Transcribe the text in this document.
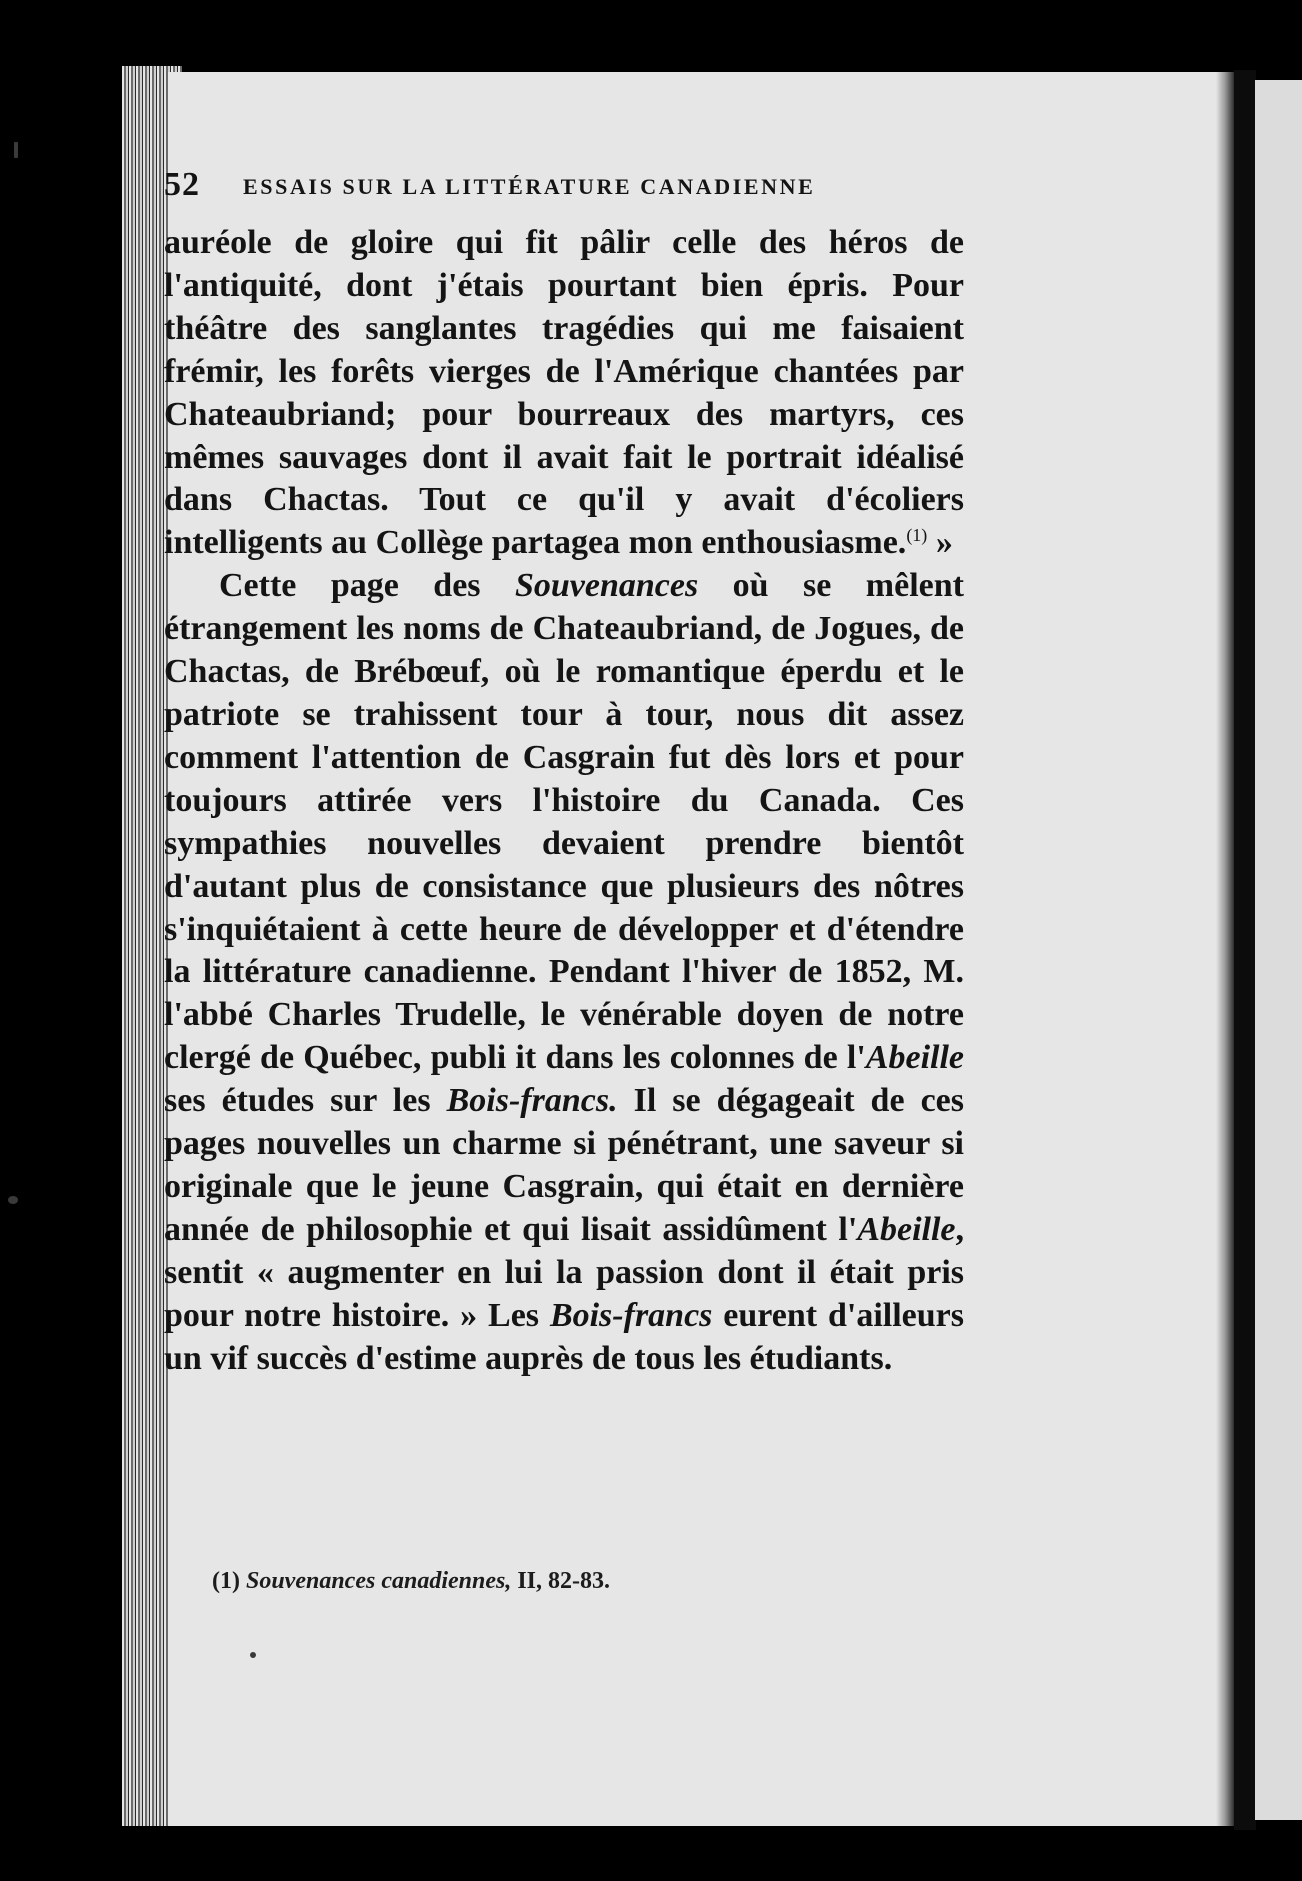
52 ESSAIS SUR LA LITTÉRATURE CANADIENNE

auréole de gloire qui fit pâlir celle des héros de l'antiquité, dont j'étais pourtant bien épris. Pour théâtre des sanglantes tragédies qui me faisaient frémir, les forêts vierges de l'Amérique chantées par Chateaubriand; pour bourreaux des martyrs, ces mêmes sauvages dont il avait fait le portrait idéalisé dans Chactas. Tout ce qu'il y avait d'écoliers intelligents au Collège partagea mon enthousiasme.$^{(1)}$ »

Cette page des Souvenances où se mêlent étrangement les noms de Chateaubriand, de Jogues, de Chactas, de Brébœuf, où le romantique éperdu et le patriote se trahissent tour à tour, nous dit assez comment l'attention de Casgrain fut dès lors et pour toujours attirée vers l'histoire du Canada. Ces sympathies nouvelles devaient prendre bientôt d'autant plus de consistance que plusieurs des nôtres s'inquiétaient à cette heure de développer et d'étendre la littérature canadienne. Pendant l'hiver de 1852, M. l'abbé Charles Trudelle, le vénérable doyen de notre clergé de Québec, publi it dans les colonnes de l'Abeille ses études sur les Bois-francs. Il se dégageait de ces pages nouvelles un charme si pénétrant, une saveur si originale que le jeune Casgrain, qui était en dernière année de philosophie et qui lisait assidûment l'Abeille, sentit « augmenter en lui la passion dont il était pris pour notre histoire. » Les Bois-francs eurent d'ailleurs un vif succès d'estime auprès de tous les étudiants.

(1) Souvenances canadiennes, II, 82-83.
